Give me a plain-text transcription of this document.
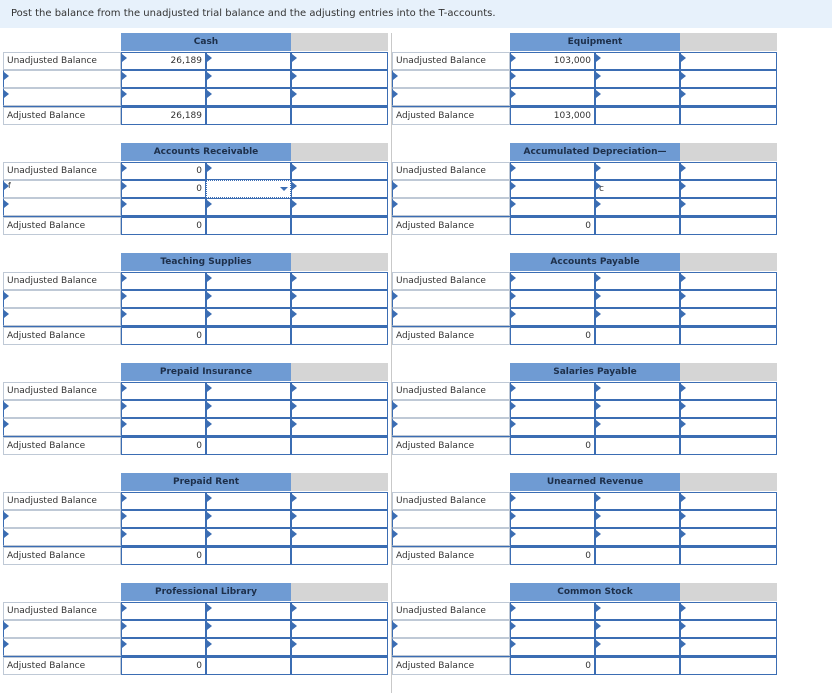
Post the balance from the unadjusted trial balance and the adjusting entries into the T-accounts.
Cash
Unadjusted Balance	26,189
Adjusted Balance	26,189
Accounts Receivable
Unadjusted Balance	0
f	0
Adjusted Balance	0
Teaching Supplies
Unadjusted Balance
Adjusted Balance	0
Prepaid Insurance
Unadjusted Balance
Adjusted Balance	0
Prepaid Rent
Unadjusted Balance
Adjusted Balance	0
Professional Library
Unadjusted Balance
Adjusted Balance	0
Equipment
Unadjusted Balance	103,000
Adjusted Balance	103,000
Accumulated Depreciation—
Unadjusted Balance
c
Adjusted Balance	0
Accounts Payable
Unadjusted Balance
Adjusted Balance	0
Salaries Payable
Unadjusted Balance
Adjusted Balance	0
Unearned Revenue
Unadjusted Balance
Adjusted Balance	0
Common Stock
Unadjusted Balance
Adjusted Balance	0
